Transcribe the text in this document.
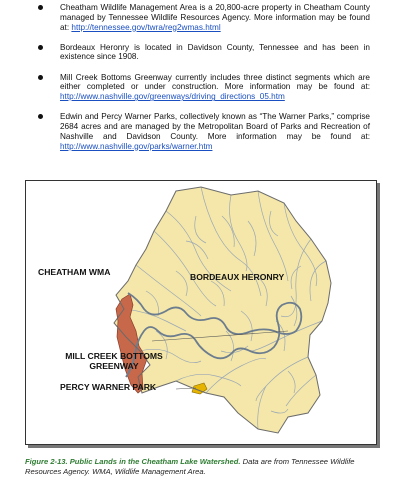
Cheatham Wildlife Management Area is a 20,800-acre property in Cheatham County managed by Tennessee Wildlife Resources Agency. More information may be found at: http://tennessee.gov/twra/reg2wmas.html
Bordeaux Heronry is located in Davidson County, Tennessee and has been in existence since 1908.
Mill Creek Bottoms Greenway currently includes three distinct segments which are either completed or under construction. More information may be found at: http://www.nashville.gov/greenways/driving_directions_05.htm
Edwin and Percy Warner Parks, collectively known as “The Warner Parks,” comprise 2684 acres and are managed by the Metropolitan Board of Parks and Recreation of Nashville and Davidson County. More information may be found at: http://www.nashville.gov/parks/warner.htm
CHEATHAM WMA	BORDEAUX HERONRY
MILL CREEK BOTTOMS
GREENWAY
PERCY WARNER PARK
Figure 2-13. Public Lands in the Cheatham Lake Watershed. Data are from Tennessee Wildlife Resources Agency. WMA, Wildlife Management Area.
